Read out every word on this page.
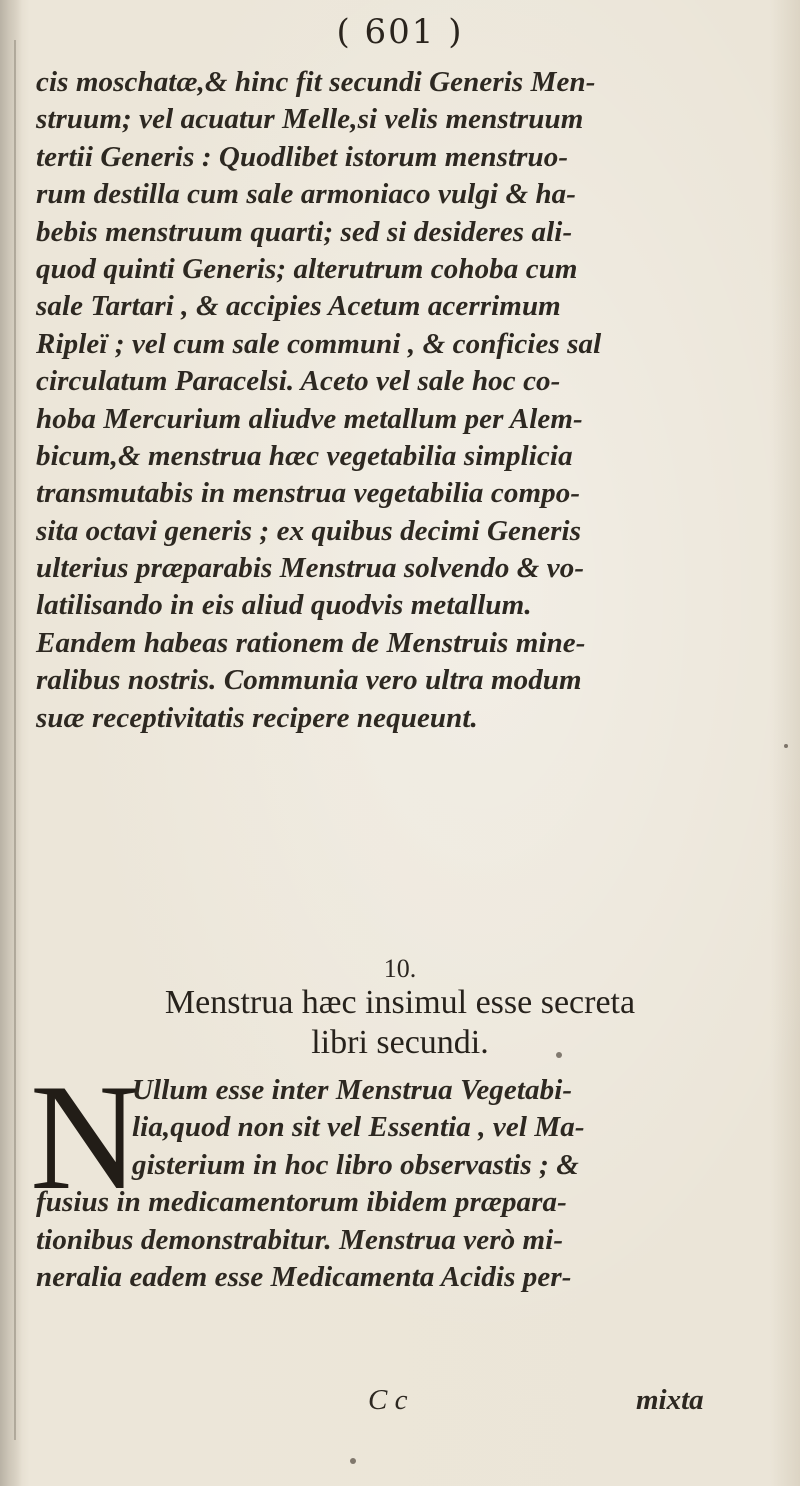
( 601 )
cis moschatæ,& hinc fit secundi Generis Men-
struum; vel acuatur Melle,si velis menstruum
tertii Generis : Quodlibet istorum menstruo-
rum destilla cum sale armoniaco vulgi & ha-
bebis menstruum quarti; sed si desideres ali-
quod quinti Generis; alterutrum cohoba cum
sale Tartari , & accipies Acetum acerrimum
Ripleï ; vel cum sale communi , & conficies sal
circulatum Paracelsi. Aceto vel sale hoc co-
hoba Mercurium aliudve metallum per Alem-
bicum,& menstrua hæc vegetabilia simplicia
transmutabis in menstrua vegetabilia compo-
sita octavi generis ; ex quibus decimi Generis
ulterius præparabis Menstrua solvendo & vo-
latilisando in eis aliud quodvis metallum.
Eandem habeas rationem de Menstruis mine-
ralibus nostris. Communia vero ultra modum
suæ receptivitatis recipere nequeunt.
10.
Menstrua hæc insimul esse secreta
libri secundi.
N
Ullum esse inter Menstrua Vegetabi-
lia,quod non sit vel Essentia , vel Ma-
gisterium in hoc libro observastis ; &
fusius in medicamentorum ibidem præpara-
tionibus demonstrabitur. Menstrua verò mi-
neralia eadem esse Medicamenta Acidis per-
C c	mixta
